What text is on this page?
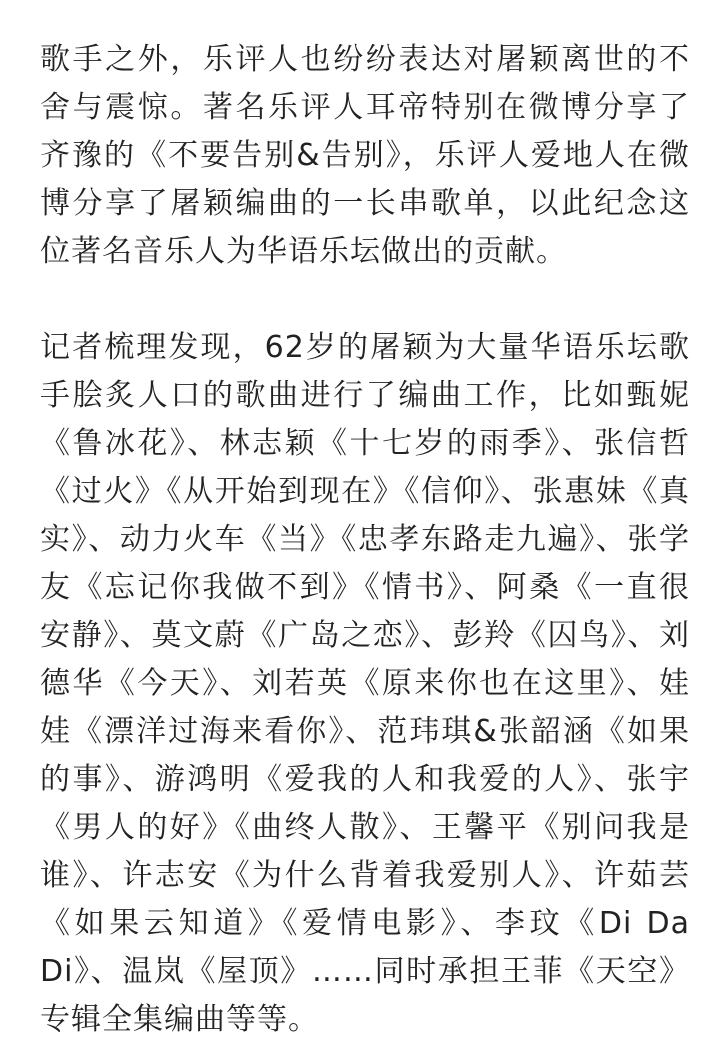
歌手之外，乐评人也纷纷表达对屠颖离世的不舍与震惊。著名乐评人耳帝特别在微博分享了齐豫的《不要告别&告别》，乐评人爱地人在微博分享了屠颖编曲的一长串歌单，以此纪念这位著名音乐人为华语乐坛做出的贡献。

记者梳理发现，62岁的屠颖为大量华语乐坛歌手脍炙人口的歌曲进行了编曲工作，比如甄妮《鲁冰花》、林志颖《十七岁的雨季》、张信哲《过火》《从开始到现在》《信仰》、张惠妹《真实》、动力火车《当》《忠孝东路走九遍》、张学友《忘记你我做不到》《情书》、阿桑《一直很安静》、莫文蔚《广岛之恋》、彭羚《囚鸟》、刘德华《今天》、刘若英《原来你也在这里》、娃娃《漂洋过海来看你》、范玮琪&张韶涵《如果的事》、游鸿明《爱我的人和我爱的人》、张宇《男人的好》《曲终人散》、王馨平《别问我是谁》、许志安《为什么背着我爱别人》、许茹芸《如果云知道》《爱情电影》、李玟《Di Da Di》、温岚《屋顶》……同时承担王菲《天空》专辑全集编曲等等。
